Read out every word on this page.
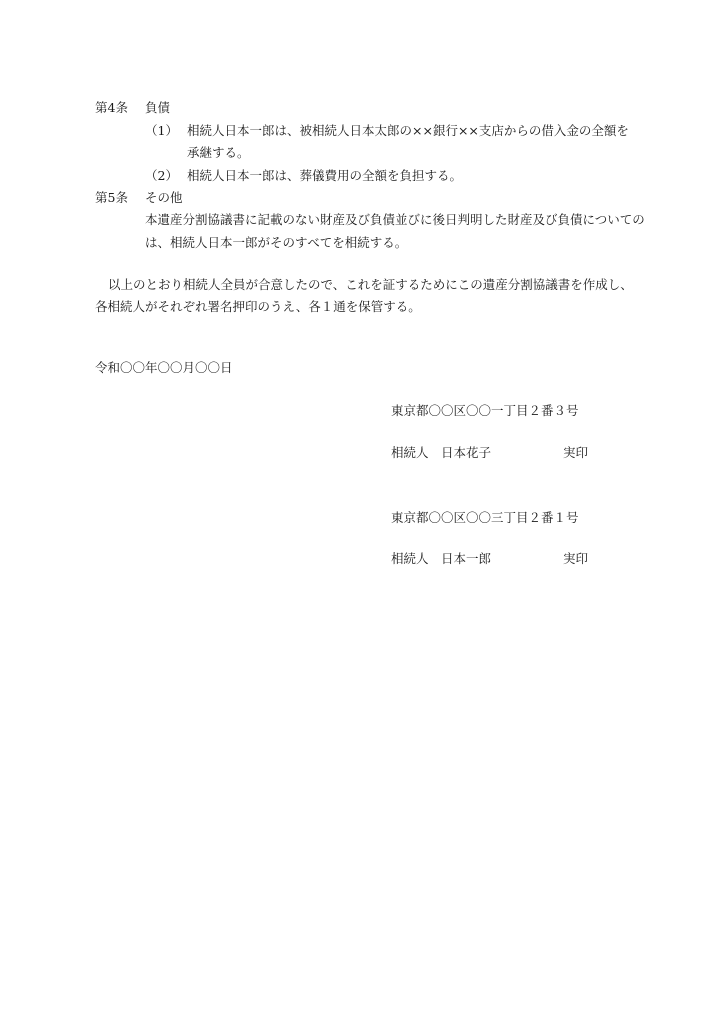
第4条 負債
（1） 相続人日本一郎は、被相続人日本太郎の××銀行××支店からの借入金の全額を
承継する。
（2） 相続人日本一郎は、葬儀費用の全額を負担する。
第5条 その他
本遺産分割協議書に記載のない財産及び負債並びに後日判明した財産及び負債についての
は、相続人日本一郎がそのすべてを相続する。
以上のとおり相続人全員が合意したので、これを証するためにこの遺産分割協議書を作成し、
各相続人がそれぞれ署名押印のうえ、各１通を保管する。
令和〇〇年〇〇月〇〇日
東京都〇〇区〇〇一丁目２番３号
相続人 日本花子	実印
東京都〇〇区〇〇三丁目２番１号
相続人 日本一郎	実印
